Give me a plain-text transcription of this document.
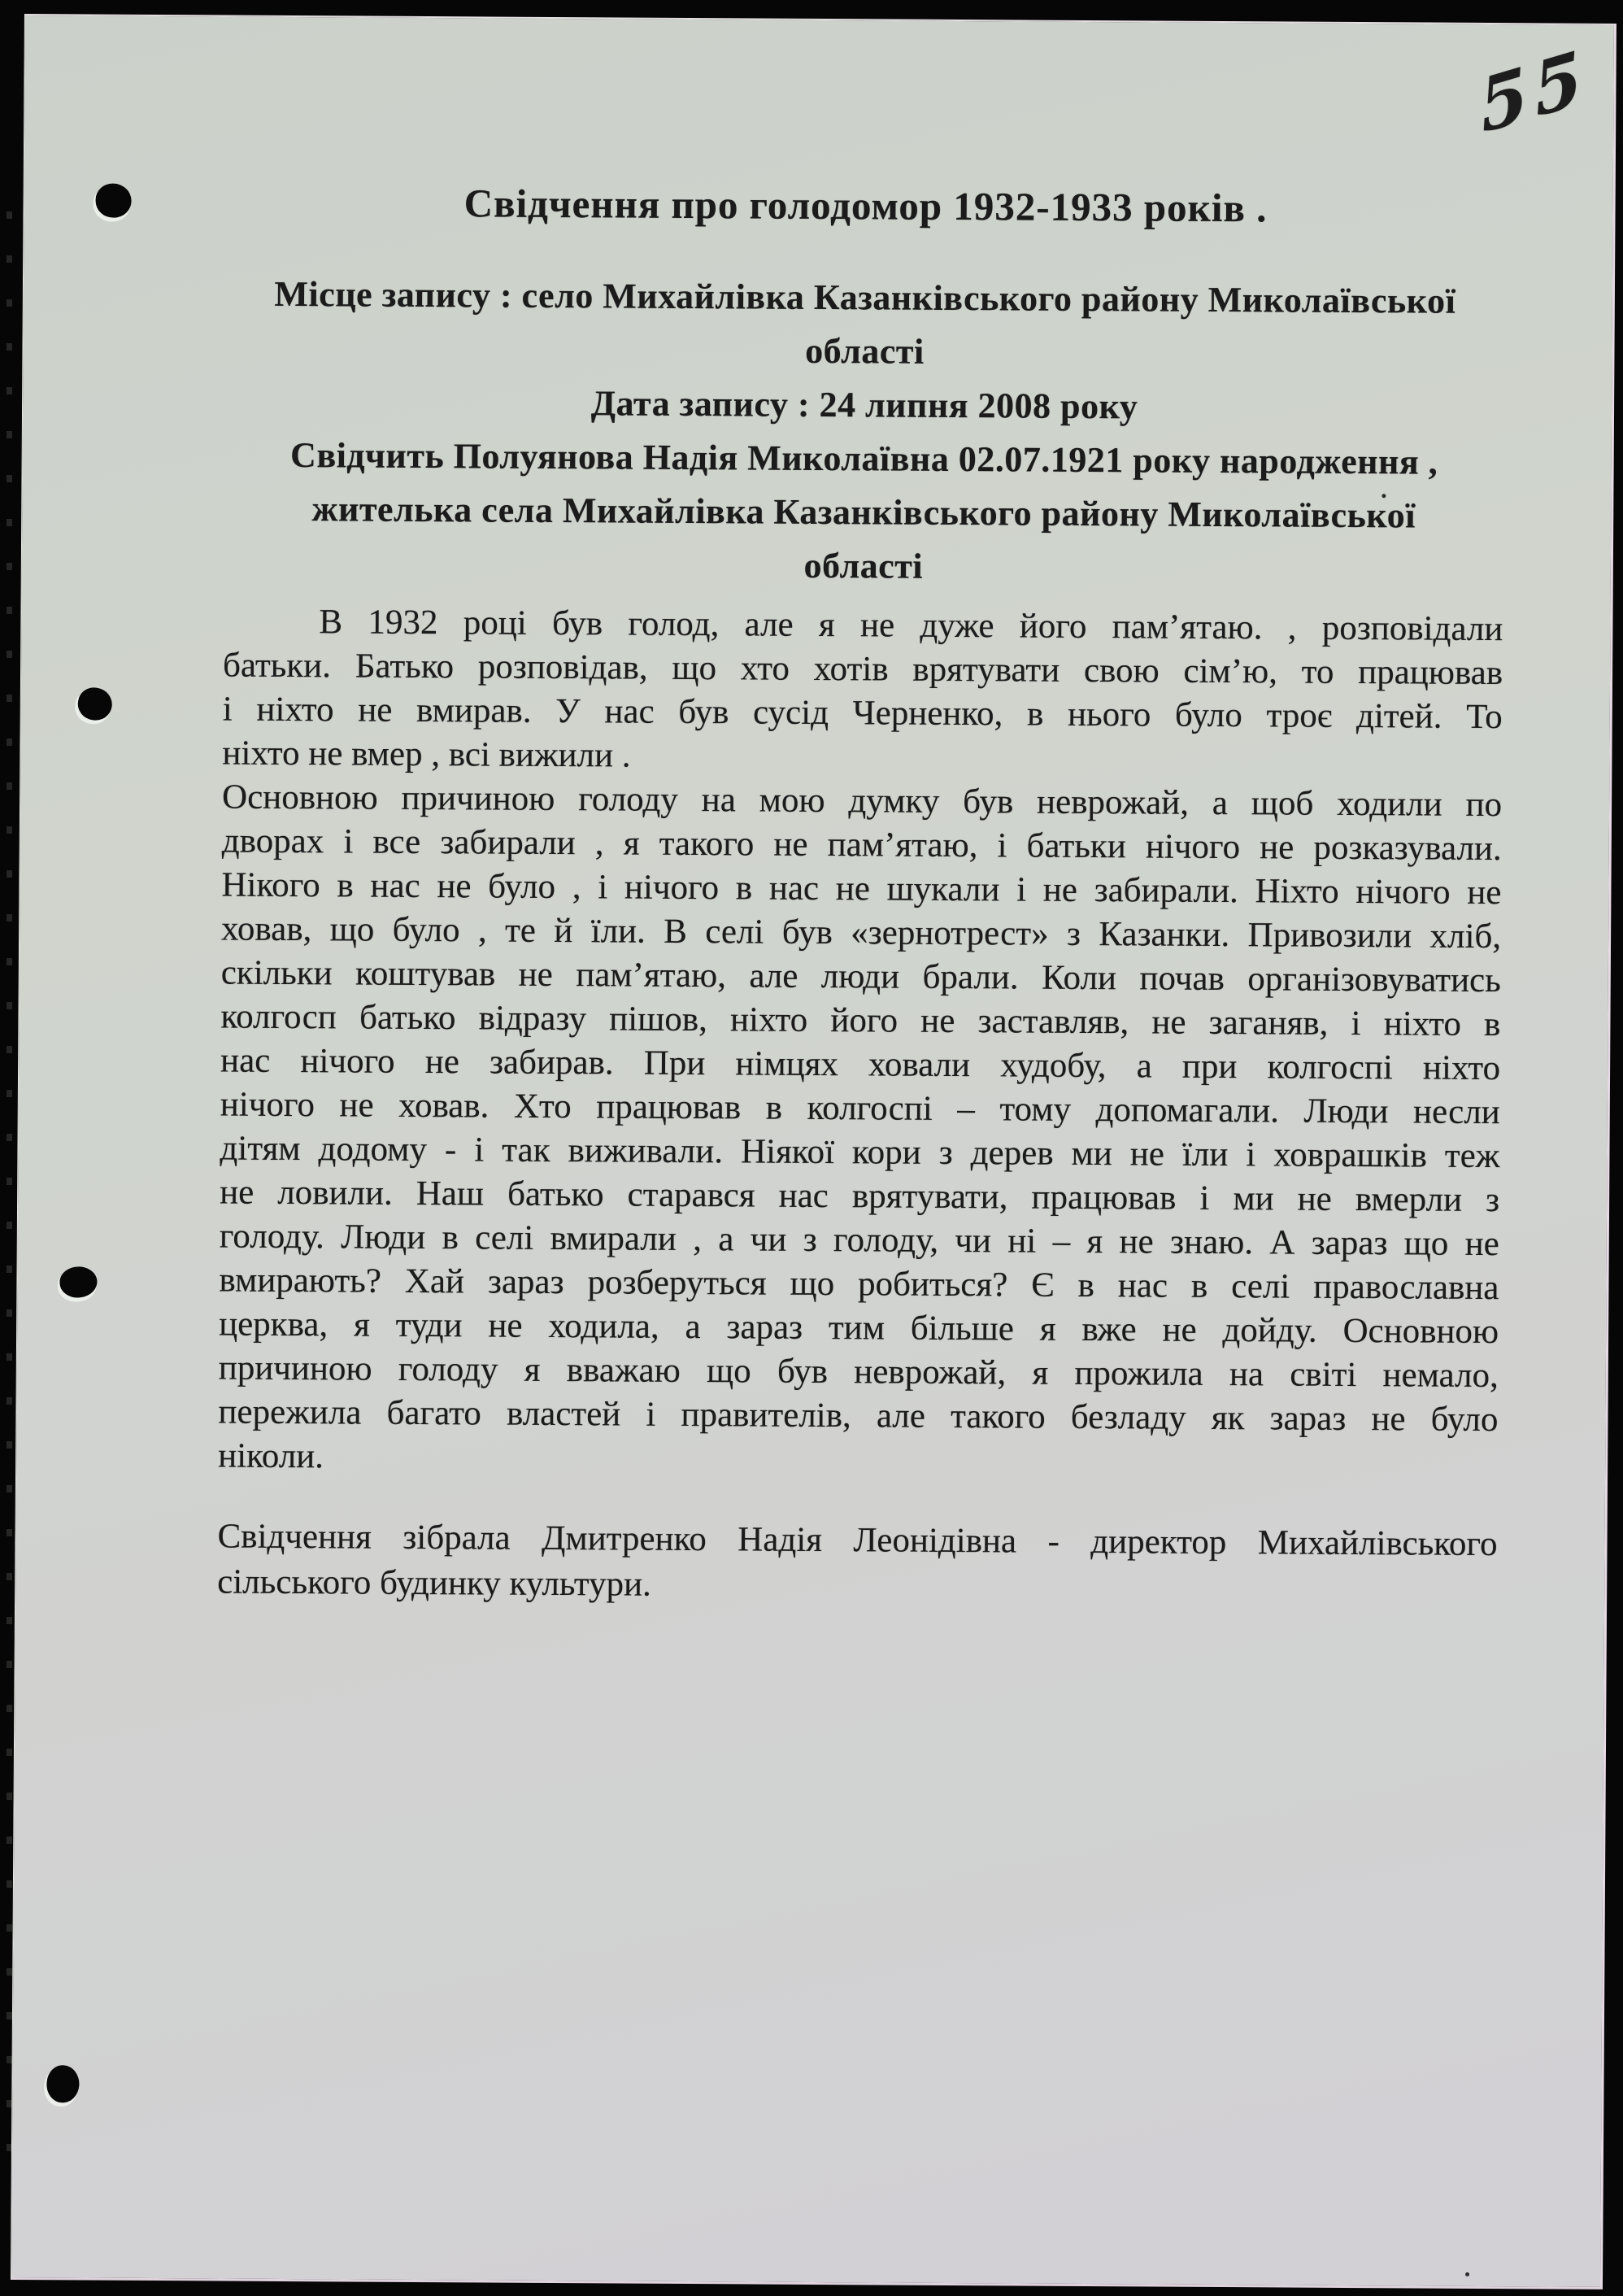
55
Свідчення про голодомор 1932-1933 років .
Місце запису : село Михайлівка Казанківського району Миколаївської
області
Дата запису : 24 липня 2008 року
Свідчить Полуянова Надія Миколаївна 02.07.1921 року народження ,
жителька села Михайлівка Казанківського району Миколаївської
області
В 1932 році був голод, але я не дуже його пам’ятаю. , розповідали
батьки. Батько розповідав, що хто хотів врятувати свою сім’ю, то працював
і ніхто не вмирав. У нас був сусід Черненко, в нього було троє дітей. То
ніхто не вмер , всі вижили .
Основною причиною голоду на мою думку був неврожай, а щоб ходили по
дворах і все забирали , я такого не пам’ятаю, і батьки нічого не розказували.
Нікого в нас не було , і нічого в нас не шукали і не забирали. Ніхто нічого не
ховав, що було , те й їли. В селі був «зернотрест» з Казанки. Привозили хліб,
скільки коштував не пам’ятаю, але люди брали. Коли почав організовуватись
колгосп батько відразу пішов, ніхто його не заставляв, не заганяв, і ніхто в
нас нічого не забирав. При німцях ховали худобу, а при колгоспі ніхто
нічого не ховав. Хто працював в колгоспі – тому допомагали. Люди несли
дітям додому - і так виживали. Ніякої кори з дерев ми не їли і ховрашків теж
не ловили. Наш батько старався нас врятувати, працював і ми не вмерли з
голоду. Люди в селі вмирали , а чи з голоду, чи ні – я не знаю. А зараз що не
вмирають? Хай зараз розберуться що робиться? Є в нас в селі православна
церква, я туди не ходила, а зараз тим більше я вже не дойду. Основною
причиною голоду я вважаю що був неврожай, я прожила на світі немало,
пережила багато властей і правителів, але такого безладу як зараз не було
ніколи.
Свідчення зібрала Дмитренко Надія Леонідівна - директор Михайлівського
сільського будинку культури.
